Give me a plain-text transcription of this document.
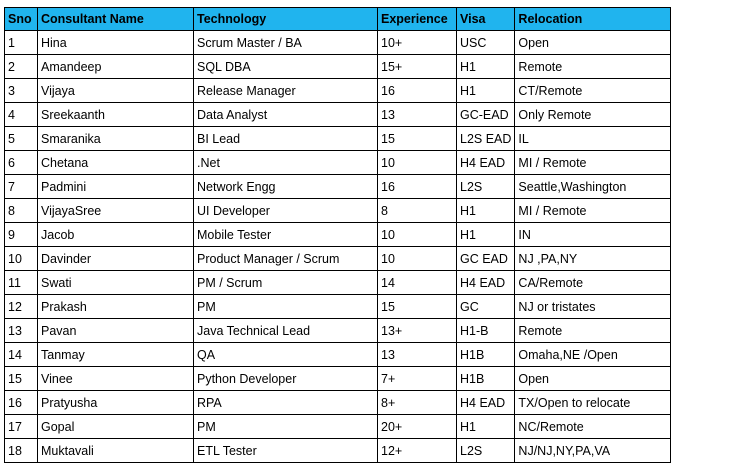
Sno	Consultant Name	Technology	Experience	Visa	Relocation
1	Hina	Scrum Master / BA	10+	USC	Open
2	Amandeep	SQL DBA	15+	H1	Remote
3	Vijaya	Release Manager	16	H1	CT/Remote
4	Sreekaanth	Data Analyst	13	GC-EAD	Only Remote
5	Smaranika	BI Lead	15	L2S EAD	IL
6	Chetana	.Net	10	H4 EAD	MI / Remote
7	Padmini	Network Engg	16	L2S	Seattle,Washington
8	VijayaSree	UI Developer	8	H1	MI / Remote
9	Jacob	Mobile Tester	10	H1	IN
10	Davinder	Product Manager / Scrum	10	GC EAD	NJ ,PA,NY
11	Swati	PM / Scrum	14	H4 EAD	CA/Remote
12	Prakash	PM	15	GC	NJ or tristates
13	Pavan	Java Technical Lead	13+	H1-B	Remote
14	Tanmay	QA	13	H1B	Omaha,NE /Open
15	Vinee	Python Developer	7+	H1B	Open
16	Pratyusha	RPA	8+	H4 EAD	TX/Open to relocate
17	Gopal	PM	20+	H1	NC/Remote
18	Muktavali	ETL Tester	12+	L2S	NJ/NJ,NY,PA,VA
